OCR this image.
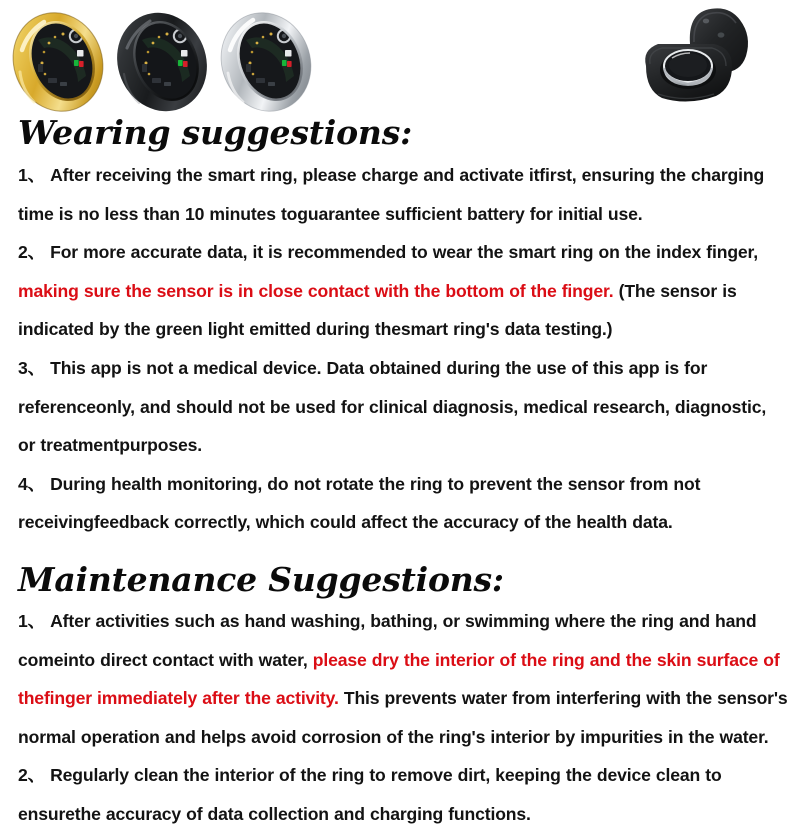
Wearing suggestions:

1、 After receiving the smart ring, please charge and activate itfirst, ensuring the charging time is no less than 10 minutes toguarantee sufficient battery for initial use.

2、 For more accurate data, it is recommended to wear the smart ring on the index finger, making sure the sensor is in close contact with the bottom of the finger. (The sensor is indicated by the green light emitted during thesmart ring's data testing.)

3、 This app is not a medical device. Data obtained during the use of this app is for referenceonly, and should not be used for clinical diagnosis, medical research, diagnostic, or treatmentpurposes.

4、 During health monitoring, do not rotate the ring to prevent the sensor from not receivingfeedback correctly, which could affect the accuracy of the health data.

Maintenance Suggestions:

1、 After activities such as hand washing, bathing, or swimming where the ring and hand comeinto direct contact with water, please dry the interior of the ring and the skin surface of thefinger immediately after the activity. This prevents water from interfering with the sensor's normal operation and helps avoid corrosion of the ring's interior by impurities in the water.

2、 Regularly clean the interior of the ring to remove dirt, keeping the device clean to ensurethe accuracy of data collection and charging functions.
